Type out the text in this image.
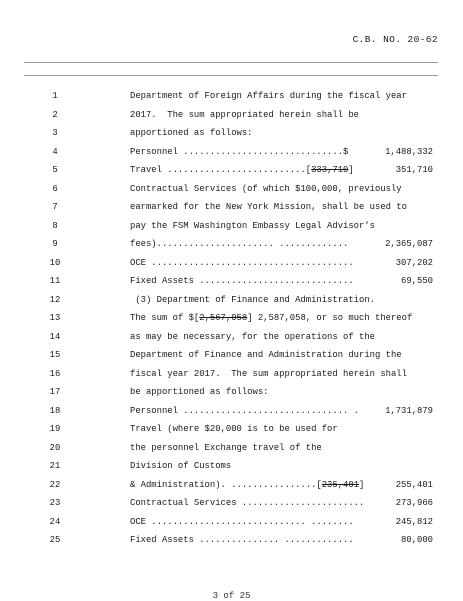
C.B. NO. 20-62
1	Department of Foreign Affairs during the fiscal year
2	2017.  The sum appropriated herein shall be
3	apportioned as follows:
4	Personnel ..............................$	1,488,332
5	Travel ..........................[333,710]	351,710
6	Contractual Services (of which $100,000, previously
7	earmarked for the New York Mission, shall be used to
8	pay the FSM Washington Embassy Legal Advisor’s
9	fees)...................... .............	2,365,087
10	OCE ......................................	307,202
11	Fixed Assets .............................	69,550
12	(3) Department of Finance and Administration.
13	The sum of $[2,567,058] 2,587,058, or so much thereof
14	as may be necessary, for the operations of the
15	Department of Finance and Administration during the
16	fiscal year 2017.  The sum appropriated herein shall
17	be apportioned as follows:
18	Personnel ............................... .	1,731,879
19	Travel (where $20,000 is to be used for
20	the personnel Exchange travel of the
21	Division of Customs
22	& Administration). ................[235,401]	255,401
23	Contractual Services .......................	273,966
24	OCE ............................. ........	245,812
25	Fixed Assets ............... .............	80,000
3 of 25
